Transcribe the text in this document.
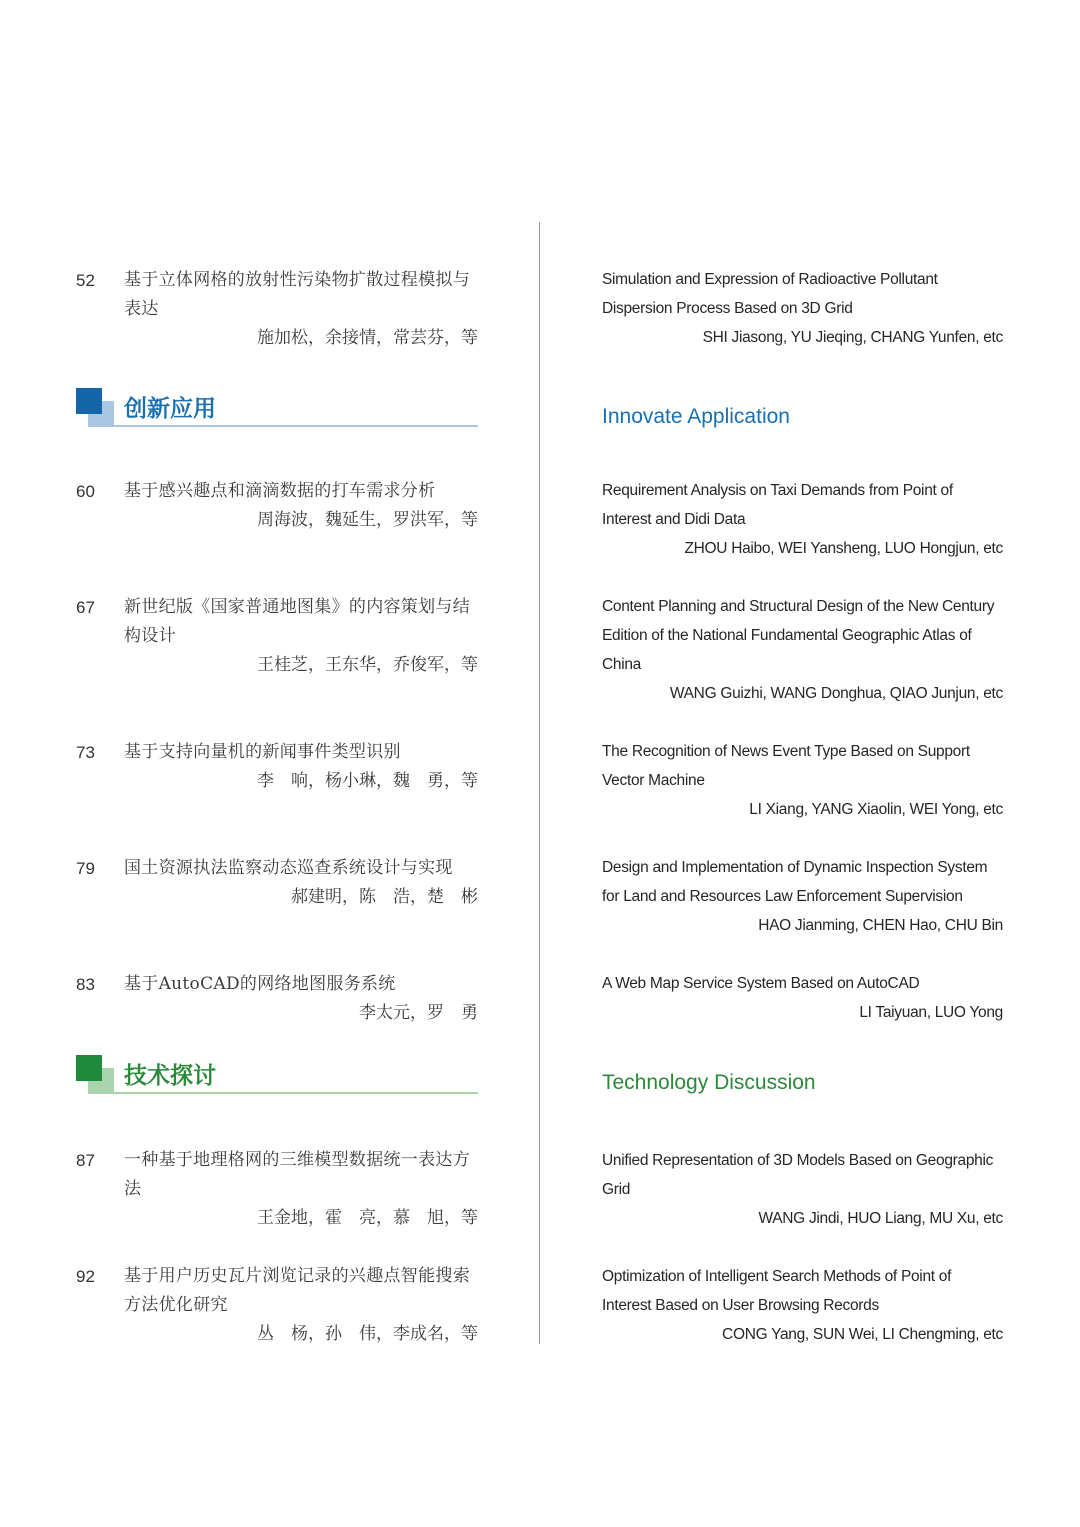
52 基于立体网格的放射性污染物扩散过程模拟与表达
施加松，余接情，常芸芬，等
创新应用
60 基于感兴趣点和滴滴数据的打车需求分析
周海波，魏延生，罗洪军，等
67 新世纪版《国家普通地图集》的内容策划与结构设计
王桂芝，王东华，乔俊军，等
73 基于支持向量机的新闻事件类型识别
李　响，杨小琳，魏　勇，等
79 国土资源执法监察动态巡查系统设计与实现
郝建明，陈　浩，楚　彬
83 基于AutoCAD的网络地图服务系统
李太元，罗　勇
技术探讨
87 一种基于地理格网的三维模型数据统一表达方法
王金地，霍　亮，慕　旭，等
92 基于用户历史瓦片浏览记录的兴趣点智能搜索方法优化研究
丛　杨，孙　伟，李成名，等
Simulation and Expression of Radioactive Pollutant
Dispersion Process Based on 3D Grid
SHI Jiasong, YU Jieqing, CHANG Yunfen, etc
Requirement Analysis on Taxi Demands from Point of
Interest and Didi Data
ZHOU Haibo, WEI Yansheng, LUO Hongjun, etc
Content Planning and Structural Design of the New Century
Edition of the National Fundamental Geographic Atlas of
China
WANG Guizhi, WANG Donghua, QIAO Junjun, etc
The Recognition of News Event Type Based on Support
Vector Machine
LI Xiang, YANG Xiaolin, WEI Yong, etc
Design and Implementation of Dynamic Inspection System
for Land and Resources Law Enforcement Supervision
HAO Jianming, CHEN Hao, CHU Bin
A Web Map Service System Based on AutoCAD
LI Taiyuan, LUO Yong
Unified Representation of 3D Models Based on Geographic
Grid
WANG Jindi, HUO Liang, MU Xu, etc
Optimization of Intelligent Search Methods of Point of
Interest Based on User Browsing Records
CONG Yang, SUN Wei, LI Chengming, etc
Innovate Application
Technology Discussion
